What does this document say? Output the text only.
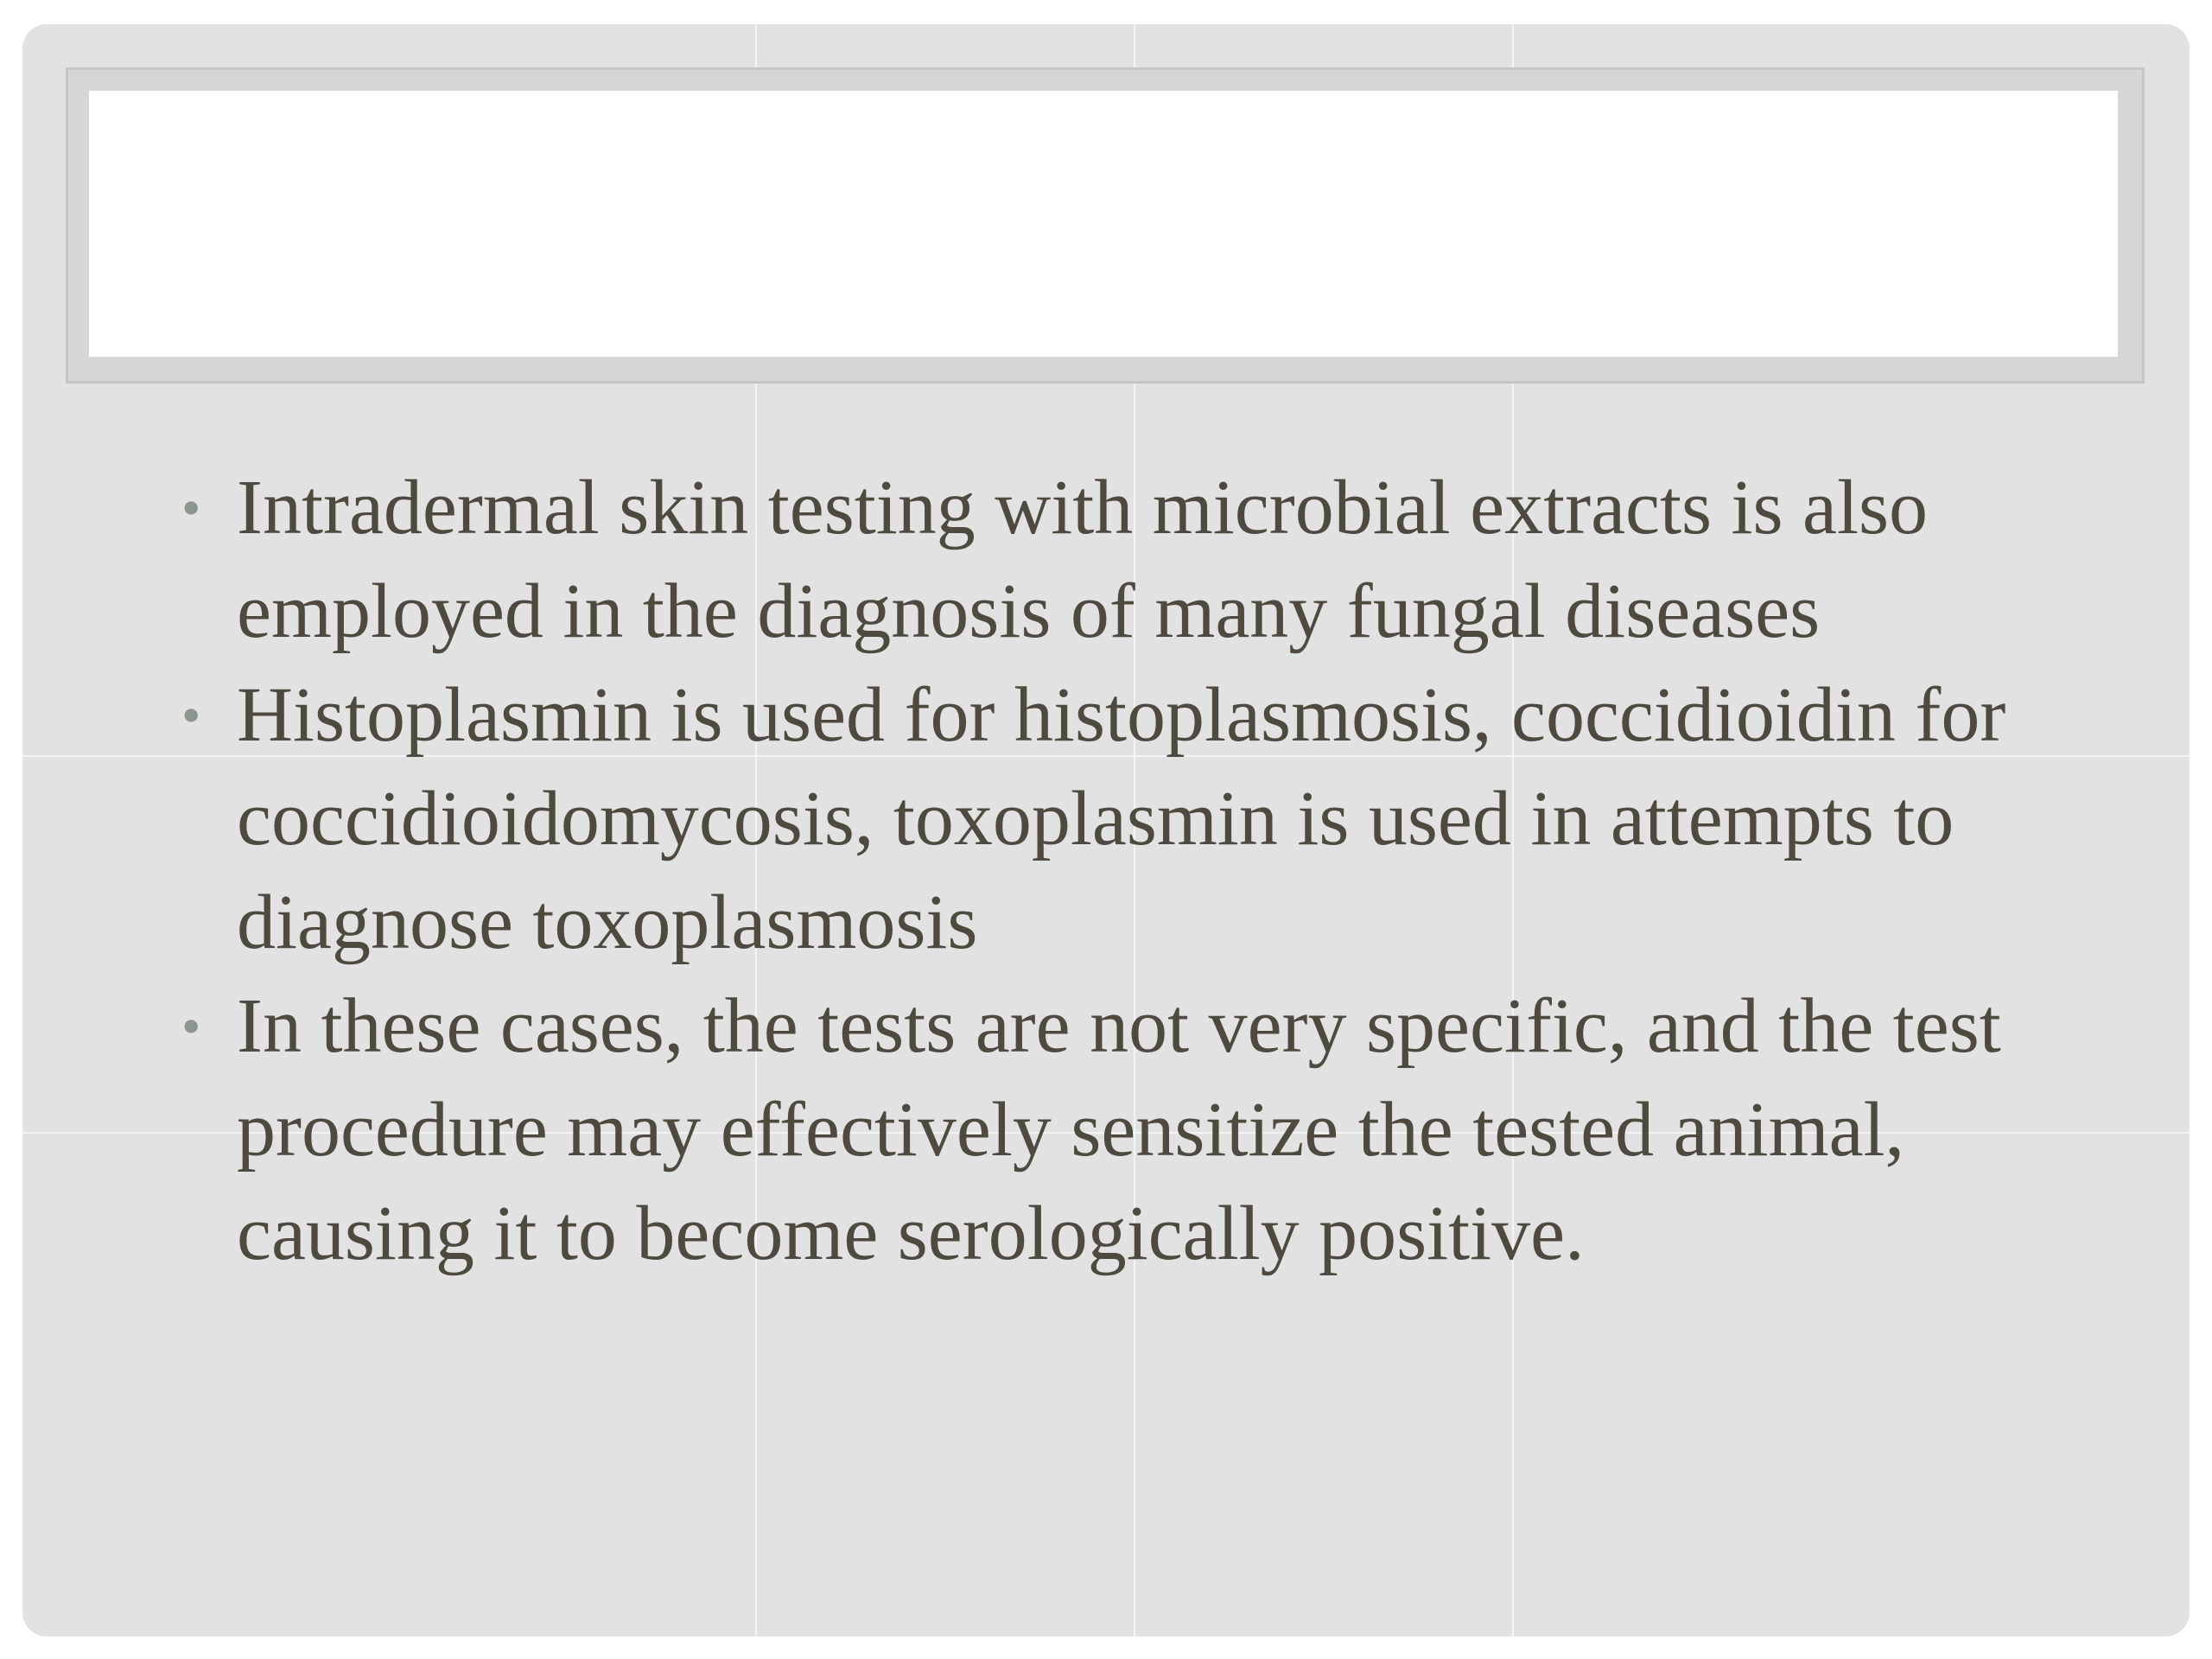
• Intradermal skin testing with microbial extracts is also employed in the diagnosis of many fungal diseases
• Histoplasmin is used for histoplasmosis, coccidioidin for coccidioidomycosis, toxoplasmin is used in attempts to diagnose toxoplasmosis
• In these cases, the tests are not very specific, and the test procedure may effectively sensitize the tested animal, causing it to become serologically positive.
